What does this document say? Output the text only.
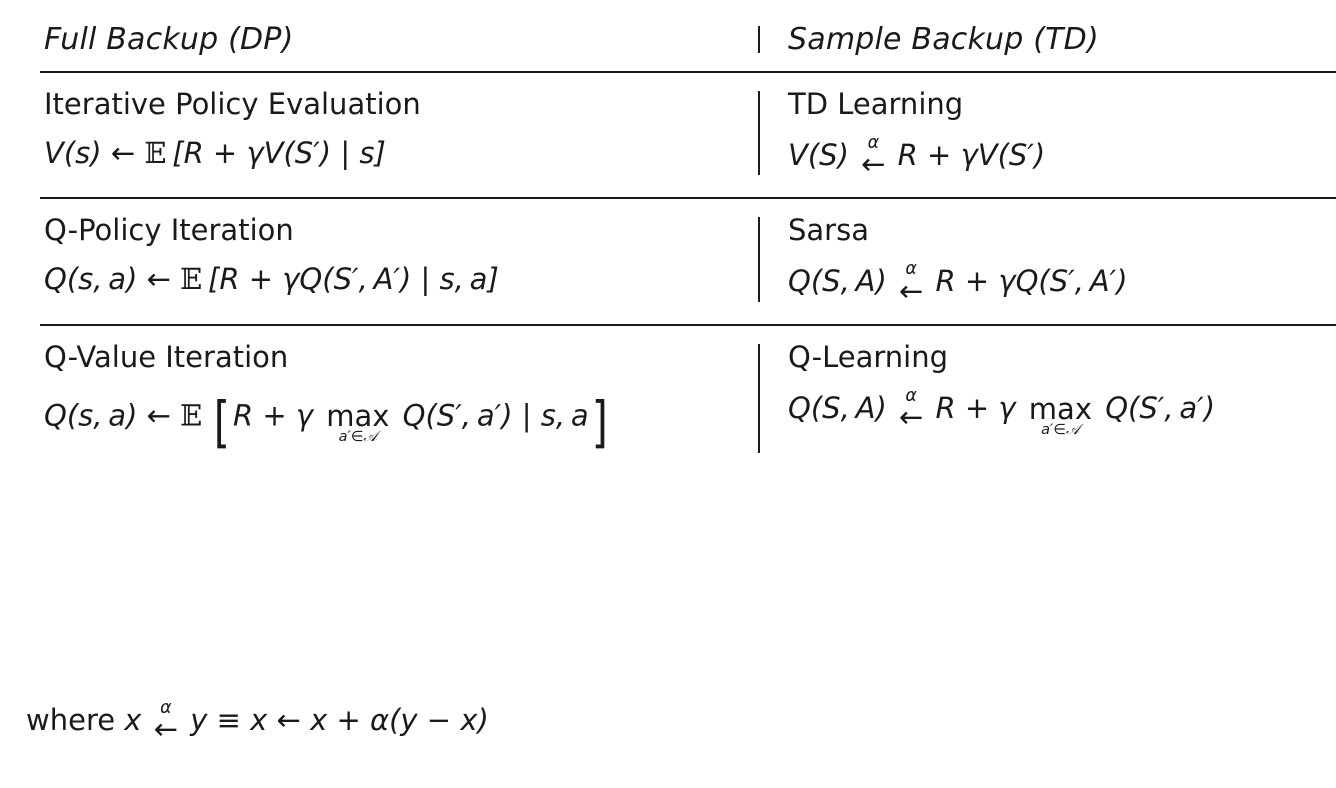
Full Backup (DP)	Sample Backup (TD)
Iterative Policy Evaluation
V(s) ← 𝔼 [R + γV(S′) | s]
TD Learning
V(S) α
← R + γV(S′)
Q-Policy Iteration
Q(s, a) ← 𝔼 [R + γQ(S′, A′) | s, a]
Sarsa
Q(S, A) α
← R + γQ(S′, A′)
Q-Value Iteration
Q(s, a) ← 𝔼 [R + γ max
a′∈𝒜
Q(S′, a′) | s, a]
Q-Learning
Q(S, A) α
← R + γ max
a′∈𝒜
Q(S′, a′)
where x	α
← y ≡ x ← x + α(y − x)
